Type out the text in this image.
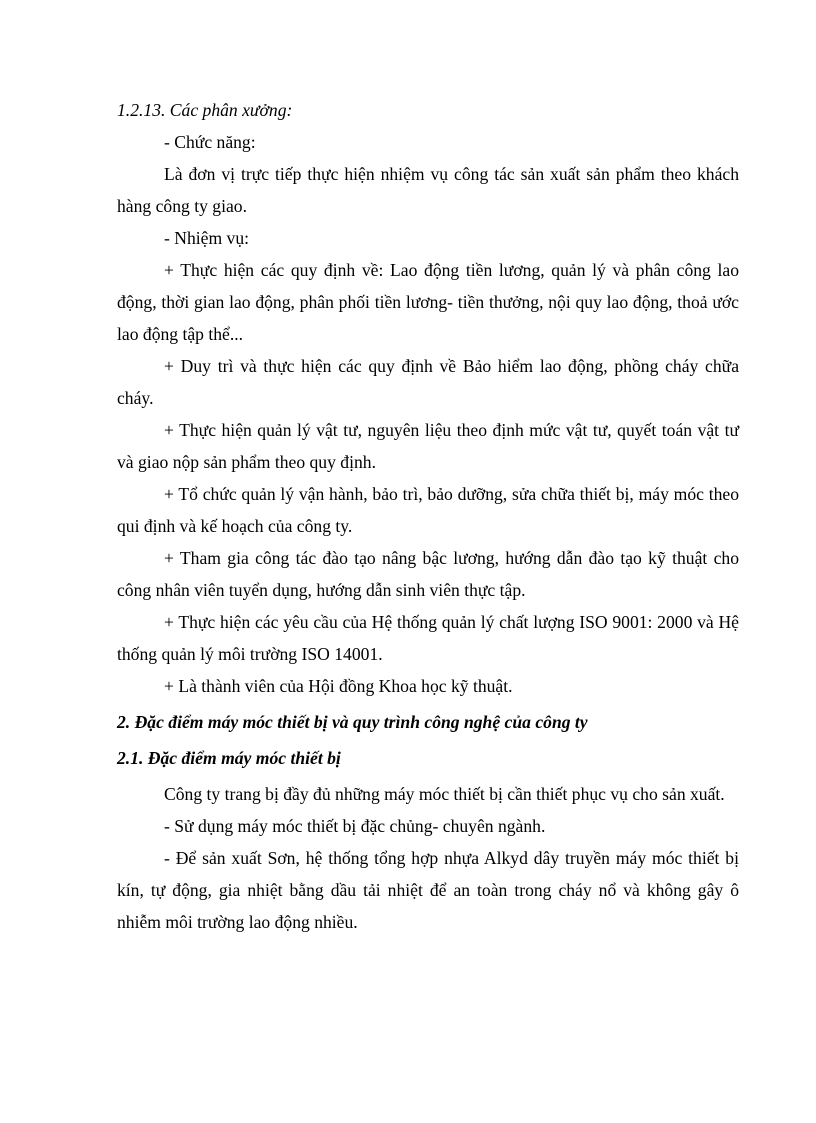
1.2.13. Các phân xưởng:

- Chức năng:

Là đơn vị trực tiếp thực hiện nhiệm vụ công tác sản xuất sản phẩm theo khách hàng công ty giao.

- Nhiệm vụ:

+ Thực hiện các quy định về: Lao động tiền lương, quản lý và phân công lao động, thời gian lao động, phân phối tiền lương- tiền thưởng, nội quy lao động, thoả ước lao động tập thể...

+ Duy trì và thực hiện các quy định về Bảo hiểm lao động, phồng cháy chữa cháy.

+ Thực hiện quản lý vật tư, nguyên liệu theo định mức vật tư, quyết toán vật tư và giao nộp sản phẩm theo quy định.

+ Tổ chức quản lý vận hành, bảo trì, bảo dưỡng, sửa chữa thiết bị, máy móc theo qui định và kế hoạch của công ty.

+ Tham gia công tác đào tạo nâng bậc lương, hướng dẫn đào tạo kỹ thuật cho công nhân viên tuyển dụng, hướng dẫn sinh viên thực tập.

+ Thực hiện các yêu cầu của Hệ thống quản lý chất lượng ISO 9001: 2000 và Hệ thống quản lý môi trường ISO 14001.

+ Là thành viên của Hội đồng Khoa học kỹ thuật.

2. Đặc điểm máy móc thiết bị và quy trình công nghệ của công ty

2.1. Đặc điểm máy móc thiết bị

Công ty trang bị đầy đủ những máy móc thiết bị cần thiết phục vụ cho sản xuất.

- Sử dụng máy móc thiết bị đặc chủng- chuyên ngành.

- Để sản xuất Sơn, hệ thống tổng hợp nhựa Alkyd dây truyền máy móc thiết bị kín, tự động, gia nhiệt bằng dầu tải nhiệt để an toàn trong cháy nổ và không gây ô nhiễm môi trường lao động nhiều.
